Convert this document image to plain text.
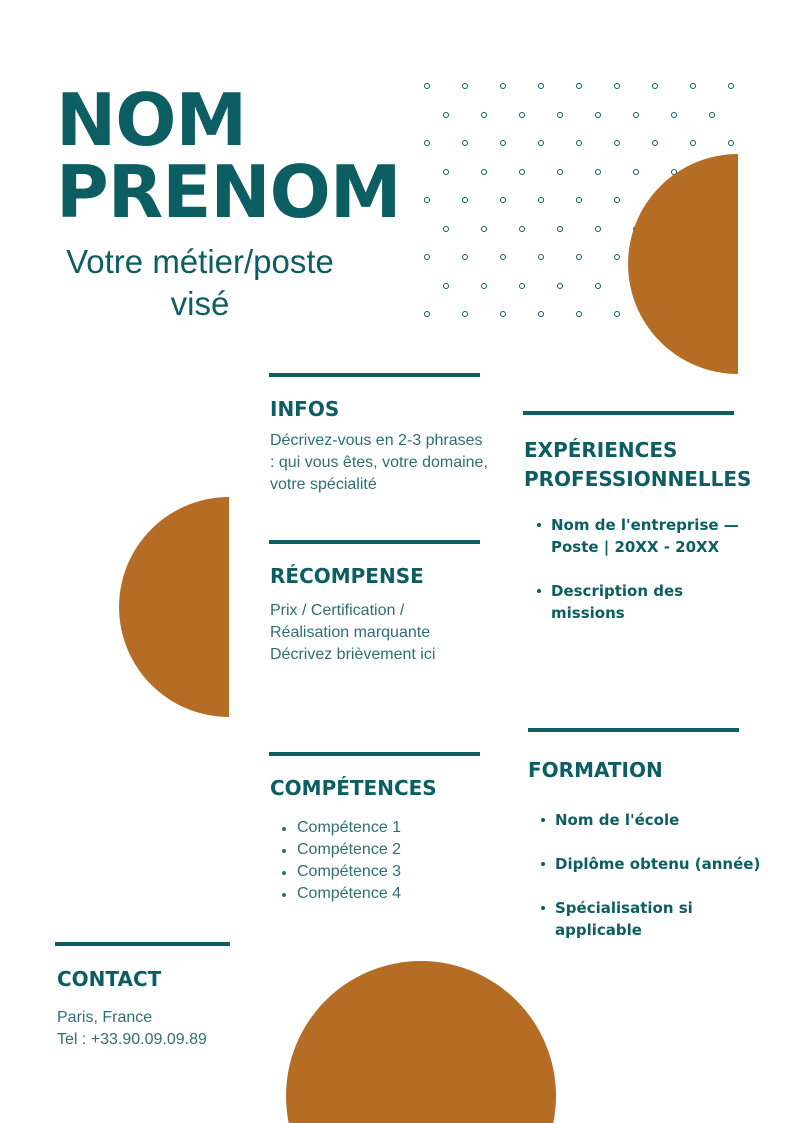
NOM
PRENOM
Votre métier/poste
visé
INFOS
Décrivez-vous en 2-3 phrases
: qui vous êtes, votre domaine,
votre spécialité
RÉCOMPENSE
Prix / Certification /
Réalisation marquante
Décrivez brièvement ici
COMPÉTENCES
Compétence 1
Compétence 2
Compétence 3
Compétence 4
CONTACT
Paris, France
Tel : +33.90.09.09.89
EXPÉRIENCES
PROFESSIONNELLES
Nom de l'entreprise —
Poste | 20XX - 20XX
Description des
missions
FORMATION
Nom de l'école
Diplôme obtenu (année)
Spécialisation si
applicable
